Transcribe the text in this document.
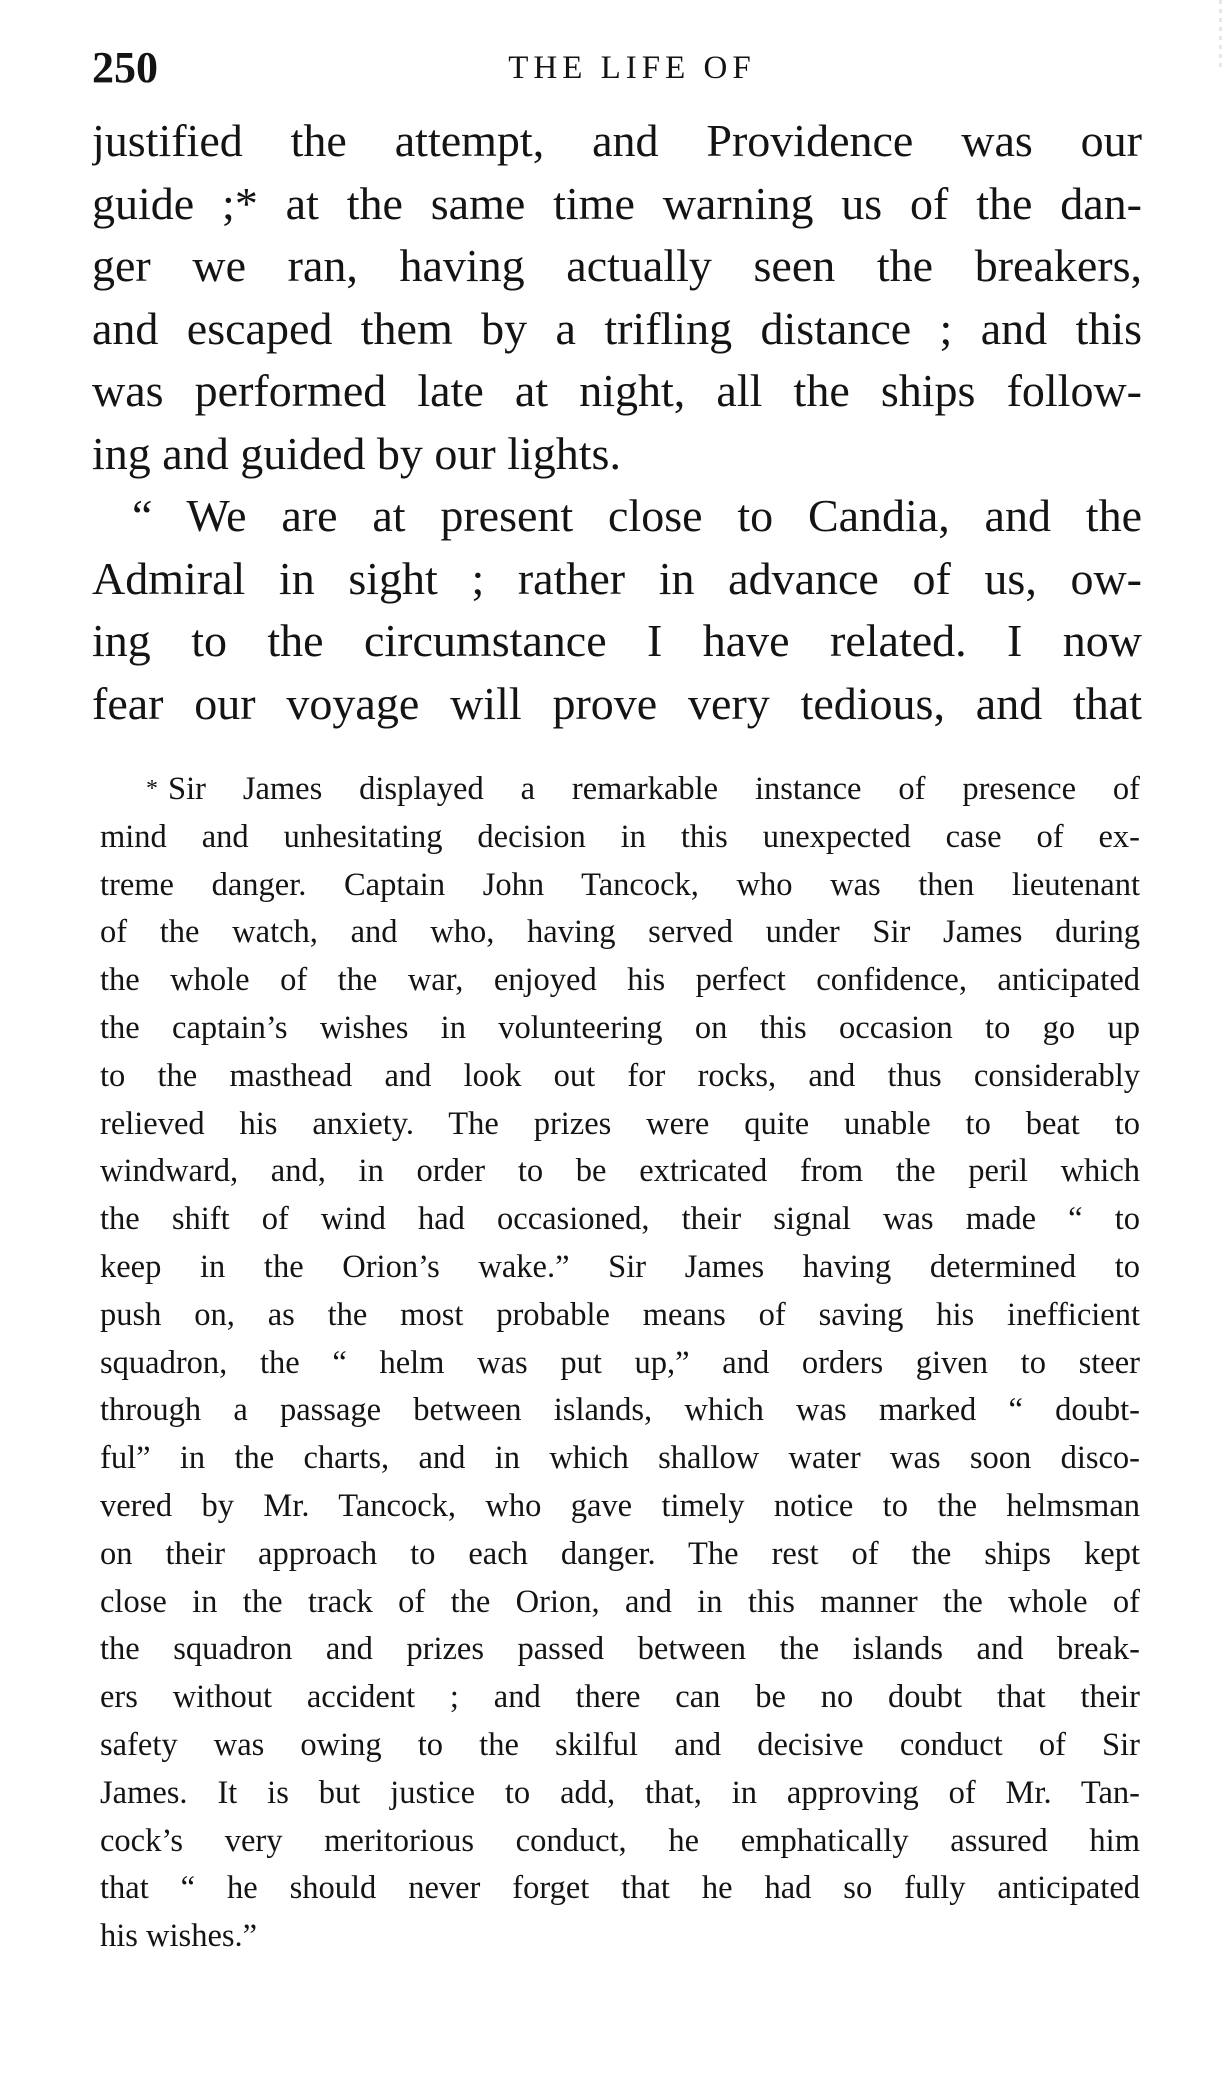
250	THE LIFE OF
justified the attempt, and Providence was our
guide ;* at the same time warning us of the dan-
ger we ran, having actually seen the breakers,
and escaped them by a trifling distance ; and this
was performed late at night, all the ships follow-
ing and guided by our lights.
“ We are at present close to Candia, and the
Admiral in sight ; rather in advance of us, ow-
ing to the circumstance I have related. I now
fear our voyage will prove very tedious, and that
* Sir James displayed a remarkable instance of presence of
mind and unhesitating decision in this unexpected case of ex-
treme danger. Captain John Tancock, who was then lieutenant
of the watch, and who, having served under Sir James during
the whole of the war, enjoyed his perfect confidence, anticipated
the captain’s wishes in volunteering on this occasion to go up
to the masthead and look out for rocks, and thus considerably
relieved his anxiety. The prizes were quite unable to beat to
windward, and, in order to be extricated from the peril which
the shift of wind had occasioned, their signal was made “ to
keep in the Orion’s wake.” Sir James having determined to
push on, as the most probable means of saving his inefficient
squadron, the “ helm was put up,” and orders given to steer
through a passage between islands, which was marked “ doubt-
ful” in the charts, and in which shallow water was soon disco-
vered by Mr. Tancock, who gave timely notice to the helmsman
on their approach to each danger. The rest of the ships kept
close in the track of the Orion, and in this manner the whole of
the squadron and prizes passed between the islands and break-
ers without accident ; and there can be no doubt that their
safety was owing to the skilful and decisive conduct of Sir
James. It is but justice to add, that, in approving of Mr. Tan-
cock’s very meritorious conduct, he emphatically assured him
that “ he should never forget that he had so fully anticipated
his wishes.”
